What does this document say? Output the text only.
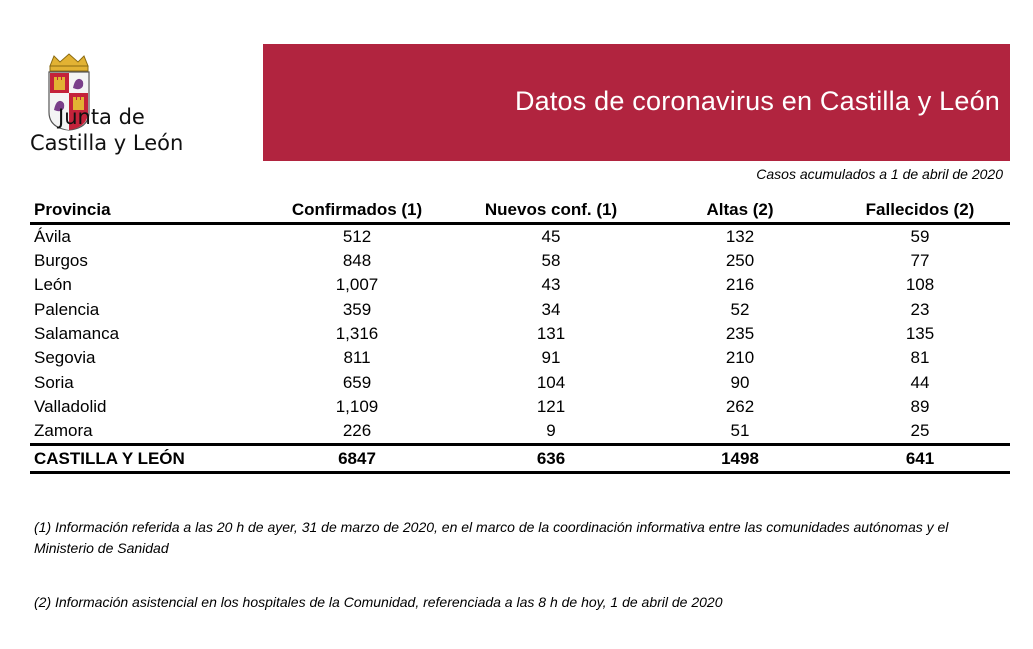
Junta de
Castilla y León
Datos de coronavirus en Castilla y León
Casos acumulados a 1 de abril de 2020
Provincia	Confirmados (1)	Nuevos conf. (1)	Altas (2)	Fallecidos (2)
Ávila	512	45	132	59
Burgos	848	58	250	77
León	1,007	43	216	108
Palencia	359	34	52	23
Salamanca	1,316	131	235	135
Segovia	811	91	210	81
Soria	659	104	90	44
Valladolid	1,109	121	262	89
Zamora	226	9	51	25
CASTILLA Y LEÓN	6847	636	1498	641
(1) Información referida a las 20 h de ayer, 31 de marzo de 2020, en el marco de la coordinación informativa entre las comunidades autónomas y el Ministerio de Sanidad
(2) Información asistencial en los hospitales de la Comunidad, referenciada a las 8 h de hoy, 1 de abril de 2020
